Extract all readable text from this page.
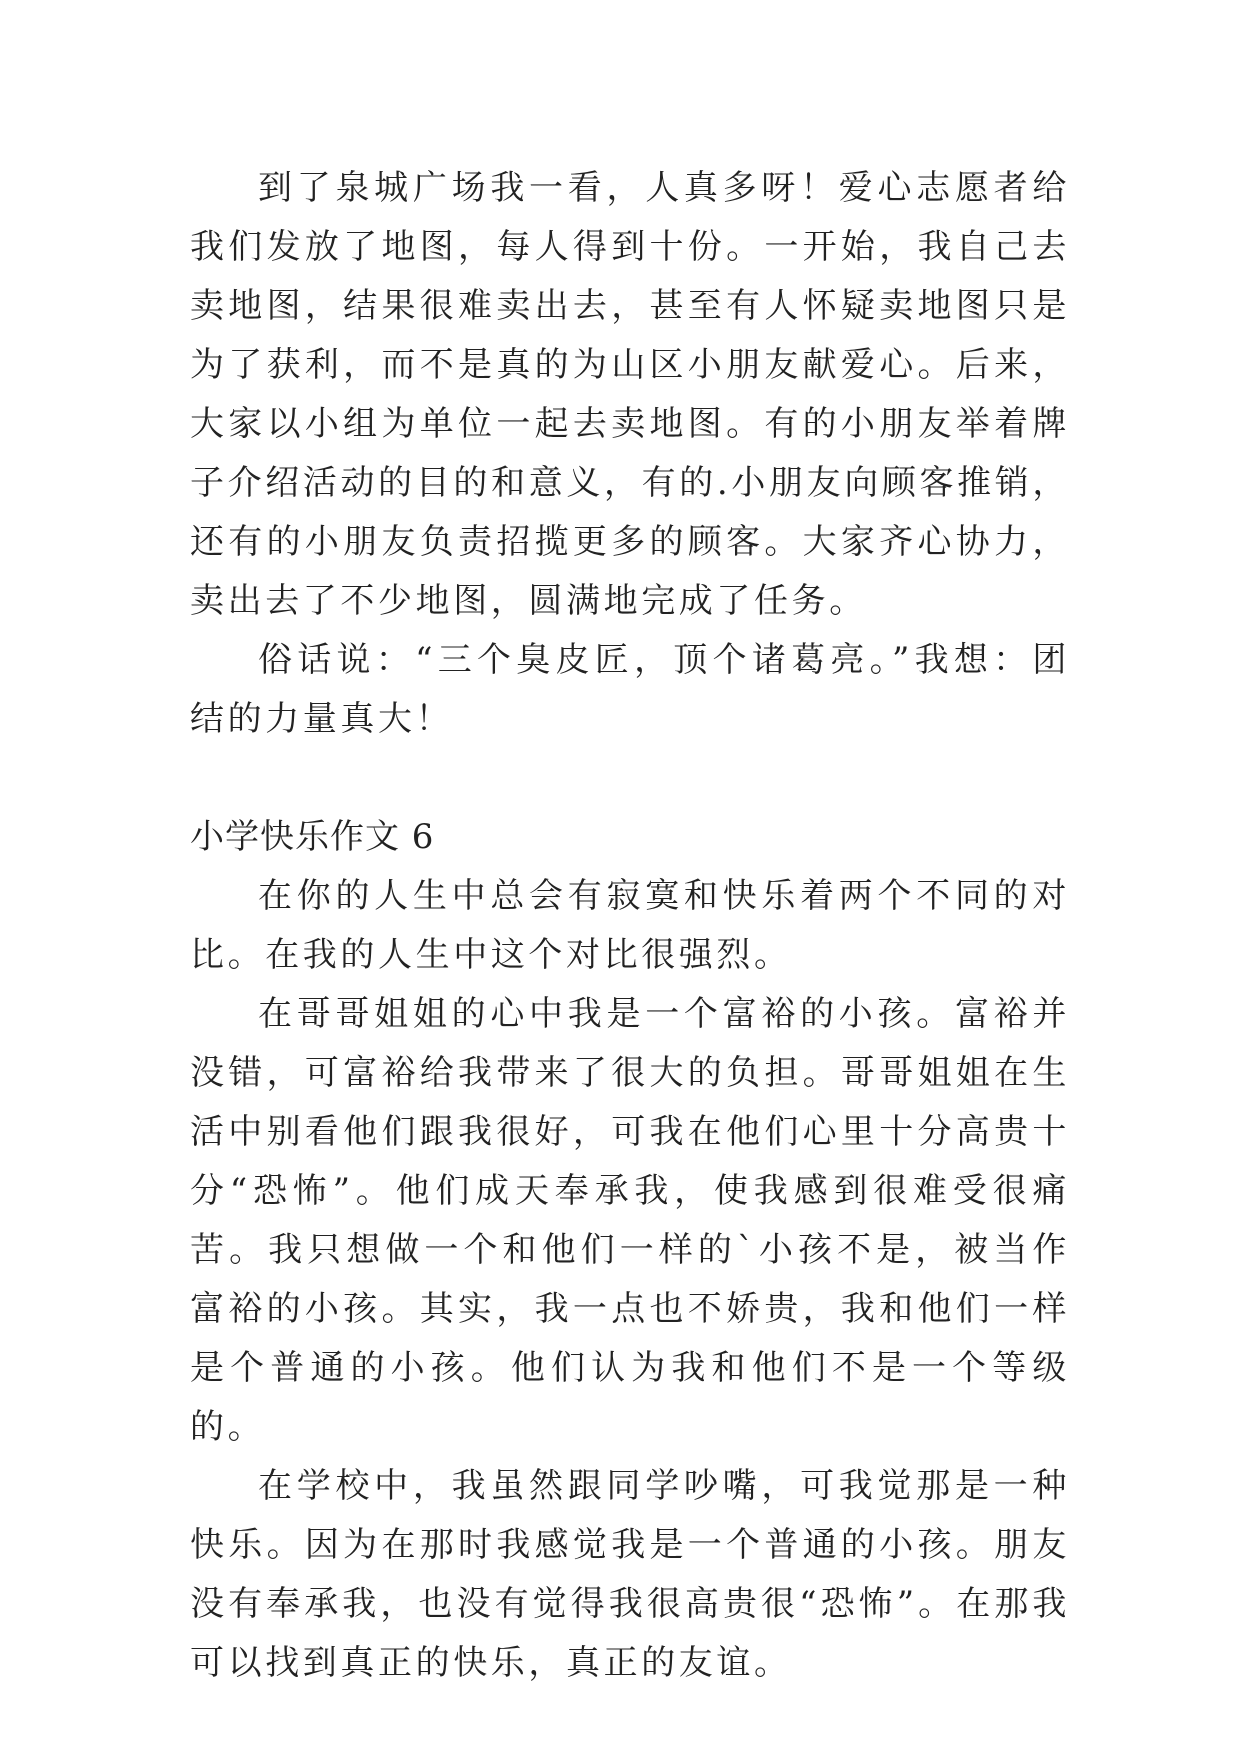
到了泉城广场我一看，人真多呀！爱心志愿者给我们发放了地图，每人得到十份。一开始，我自己去卖地图，结果很难卖出去，甚至有人怀疑卖地图只是为了获利，而不是真的为山区小朋友献爱心。后来，大家以小组为单位一起去卖地图。有的小朋友举着牌子介绍活动的目的和意义，有的.小朋友向顾客推销，还有的小朋友负责招揽更多的顾客。大家齐心协力，卖出去了不少地图，圆满地完成了任务。

俗话说：“三个臭皮匠，顶个诸葛亮。”我想：团结的力量真大！

小学快乐作文 6

在你的人生中总会有寂寞和快乐着两个不同的对比。在我的人生中这个对比很强烈。

在哥哥姐姐的心中我是一个富裕的小孩。富裕并没错，可富裕给我带来了很大的负担。哥哥姐姐在生活中别看他们跟我很好，可我在他们心里十分高贵十分“恐怖”。他们成天奉承我，使我感到很难受很痛苦。我只想做一个和他们一样的`小孩不是，被当作富裕的小孩。其实，我一点也不娇贵，我和他们一样是个普通的小孩。他们认为我和他们不是一个等级的。

在学校中，我虽然跟同学吵嘴，可我觉那是一种快乐。因为在那时我感觉我是一个普通的小孩。朋友没有奉承我，也没有觉得我很高贵很“恐怖”。在那我可以找到真正的快乐，真正的友谊。
